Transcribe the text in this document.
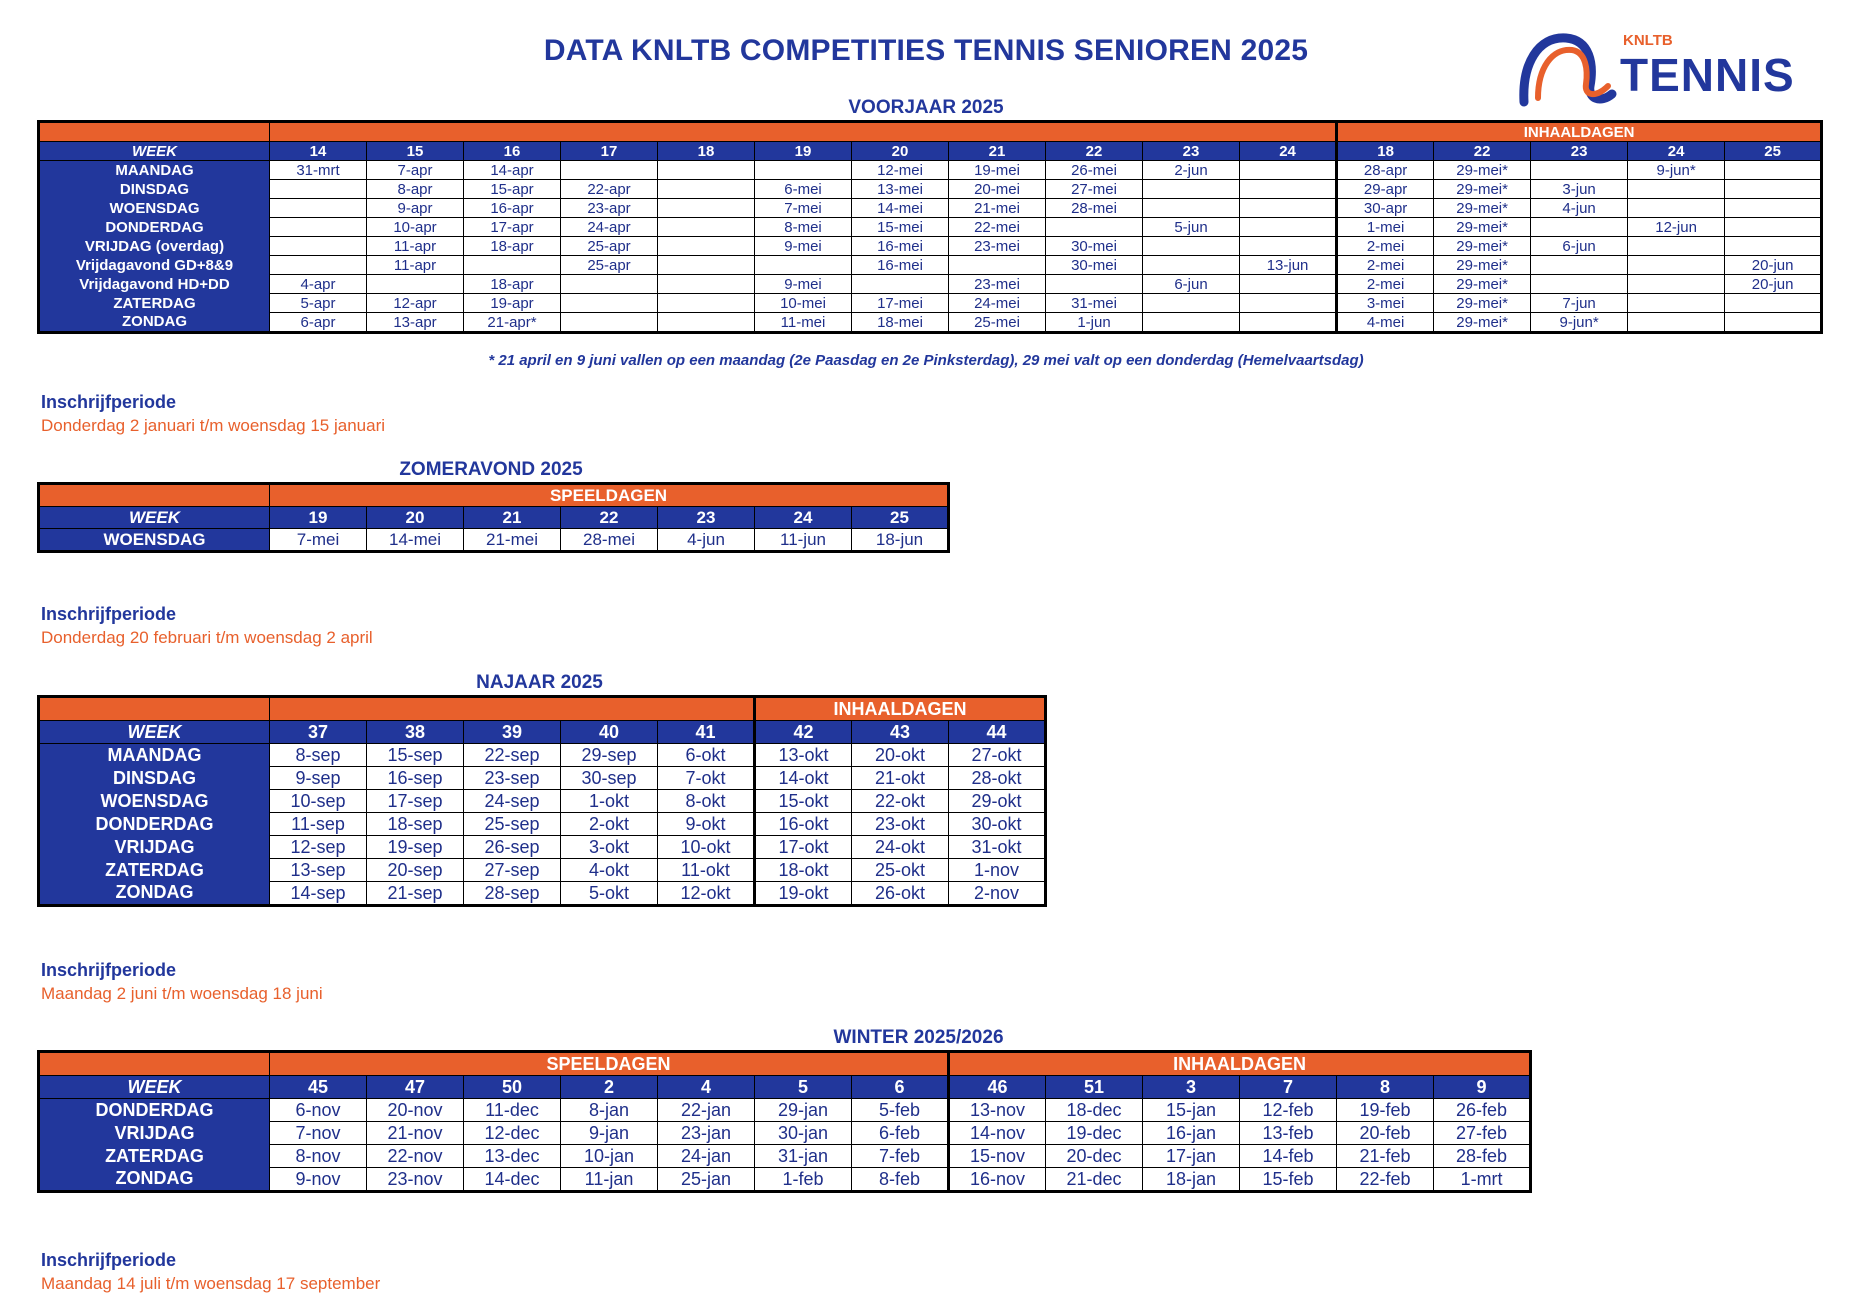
DATA KNLTB COMPETITIES TENNIS SENIOREN 2025	KNLTB
TENNIS
VOORJAAR 2025
												INHAALDAGEN				
WEEK	14	15	16	17	18	19	20	21	22	23	24	18	22	23	24	25
MAANDAG	31-mrt	7-apr	14-apr				12-mei	19-mei	26-mei	2-jun		28-apr	29-mei*		9-jun*	
DINSDAG		8-apr	15-apr	22-apr		6-mei	13-mei	20-mei	27-mei			29-apr	29-mei*	3-jun		
WOENSDAG		9-apr	16-apr	23-apr		7-mei	14-mei	21-mei	28-mei			30-apr	29-mei*	4-jun		
DONDERDAG		10-apr	17-apr	24-apr		8-mei	15-mei	22-mei		5-jun		1-mei	29-mei*		12-jun	
VRIJDAG (overdag)		11-apr	18-apr	25-apr		9-mei	16-mei	23-mei	30-mei			2-mei	29-mei*	6-jun		
Vrijdagavond GD+8&9		11-apr		25-apr			16-mei		30-mei		13-jun	2-mei	29-mei*			20-jun
Vrijdagavond HD+DD	4-apr		18-apr			9-mei		23-mei		6-jun		2-mei	29-mei*			20-jun
ZATERDAG	5-apr	12-apr	19-apr			10-mei	17-mei	24-mei	31-mei			3-mei	29-mei*	7-jun		
ZONDAG	6-apr	13-apr	21-apr*			11-mei	18-mei	25-mei	1-jun			4-mei	29-mei*	9-jun*		
* 21 april en 9 juni vallen op een maandag (2e Paasdag en 2e Pinksterdag), 29 mei valt op een donderdag (Hemelvaartsdag)
Inschrijfperiode
Donderdag 2 januari t/m woensdag 15 januari
ZOMERAVOND 2025
	SPEELDAGEN						
WEEK	19	20	21	22	23	24	25
WOENSDAG	7-mei	14-mei	21-mei	28-mei	4-jun	11-jun	18-jun
Inschrijfperiode
Donderdag 20 februari t/m woensdag 2 april
NAJAAR 2025
						INHAALDAGEN		
WEEK	37	38	39	40	41	42	43	44
MAANDAG	8-sep	15-sep	22-sep	29-sep	6-okt	13-okt	20-okt	27-okt
DINSDAG	9-sep	16-sep	23-sep	30-sep	7-okt	14-okt	21-okt	28-okt
WOENSDAG	10-sep	17-sep	24-sep	1-okt	8-okt	15-okt	22-okt	29-okt
DONDERDAG	11-sep	18-sep	25-sep	2-okt	9-okt	16-okt	23-okt	30-okt
VRIJDAG	12-sep	19-sep	26-sep	3-okt	10-okt	17-okt	24-okt	31-okt
ZATERDAG	13-sep	20-sep	27-sep	4-okt	11-okt	18-okt	25-okt	1-nov
ZONDAG	14-sep	21-sep	28-sep	5-okt	12-okt	19-okt	26-okt	2-nov
Inschrijfperiode
Maandag 2 juni t/m woensdag 18 juni
WINTER 2025/2026
	SPEELDAGEN							INHAALDAGEN					
WEEK	45	47	50	2	4	5	6	46	51	3	7	8	9
DONDERDAG	6-nov	20-nov	11-dec	8-jan	22-jan	29-jan	5-feb	13-nov	18-dec	15-jan	12-feb	19-feb	26-feb
VRIJDAG	7-nov	21-nov	12-dec	9-jan	23-jan	30-jan	6-feb	14-nov	19-dec	16-jan	13-feb	20-feb	27-feb
ZATERDAG	8-nov	22-nov	13-dec	10-jan	24-jan	31-jan	7-feb	15-nov	20-dec	17-jan	14-feb	21-feb	28-feb
ZONDAG	9-nov	23-nov	14-dec	11-jan	25-jan	1-feb	8-feb	16-nov	21-dec	18-jan	15-feb	22-feb	1-mrt
Inschrijfperiode
Maandag 14 juli t/m woensdag 17 september
